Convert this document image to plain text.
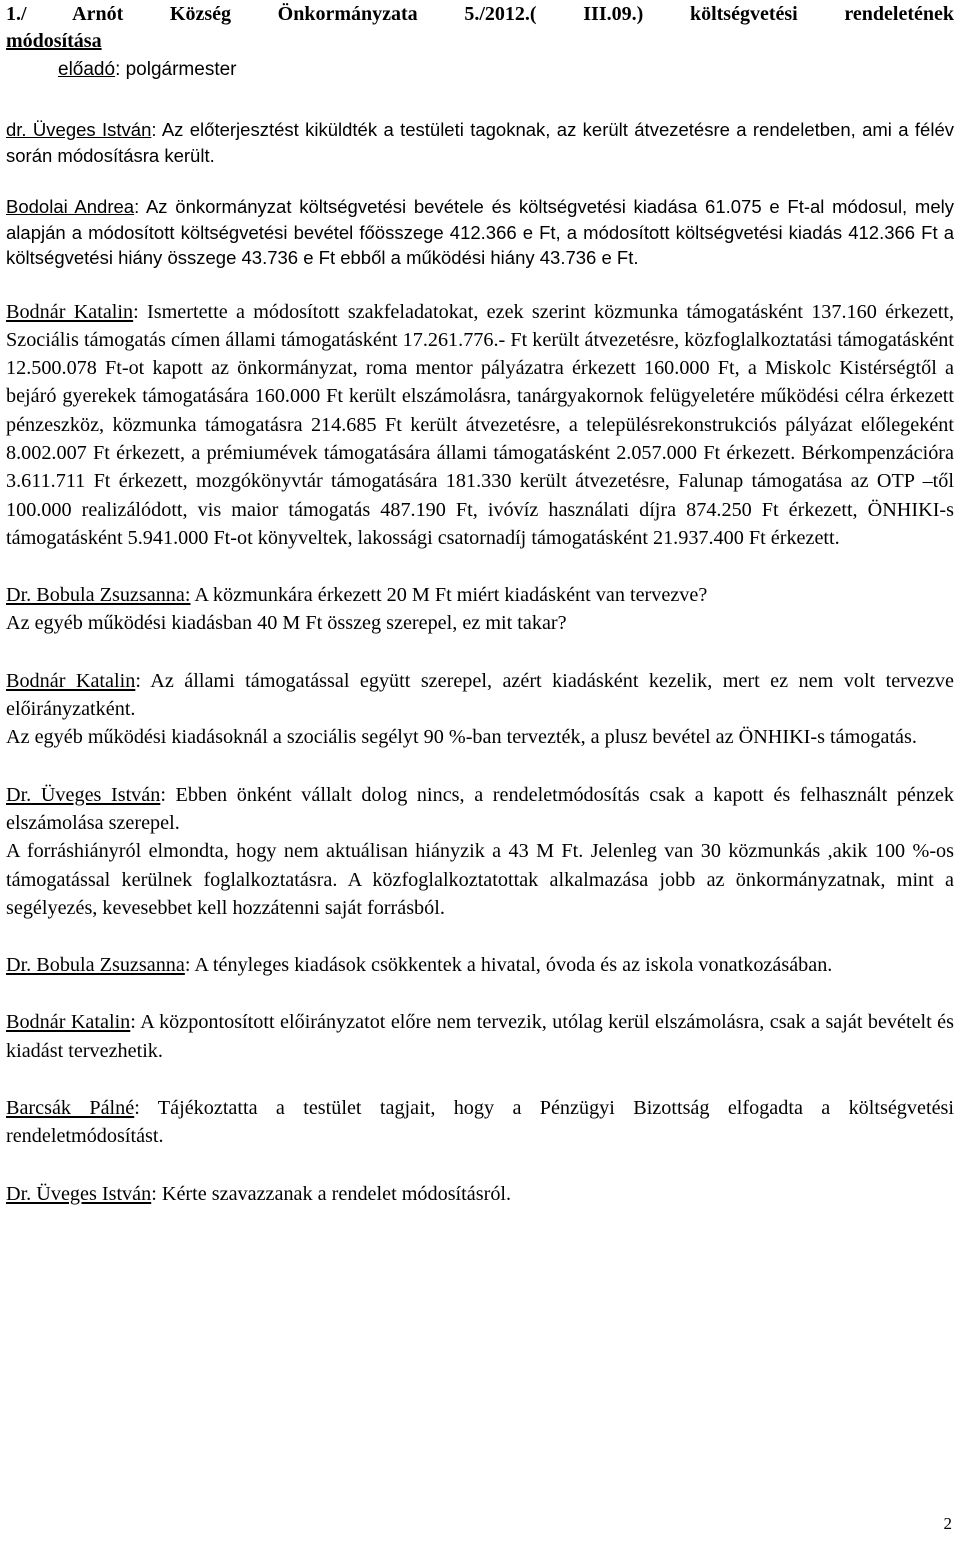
1./ Arnót Község Önkormányzata 5./2012.( III.09.) költségvetési rendeletének

módosítása

előadó: polgármester

dr. Üveges István: Az előterjesztést kiküldték a testületi tagoknak, az került átvezetésre a rendeletben, ami a félév során módosításra került.

Bodolai Andrea: Az önkormányzat költségvetési bevétele és költségvetési kiadása 61.075 e Ft-al módosul, mely alapján a módosított költségvetési bevétel főösszege 412.366 e Ft, a módosított költségvetési kiadás 412.366 Ft a költségvetési hiány összege 43.736 e Ft ebből a működési hiány 43.736 e Ft.

Bodnár Katalin: Ismertette a módosított szakfeladatokat, ezek szerint közmunka támogatásként 137.160 érkezett, Szociális támogatás címen állami támogatásként 17.261.776.- Ft került átvezetésre, közfoglalkoztatási támogatásként 12.500.078 Ft-ot kapott az önkormányzat, roma mentor pályázatra érkezett 160.000 Ft, a Miskolc Kistérségtől a bejáró gyerekek támogatására 160.000 Ft került elszámolásra, tanárgyakornok felügyeletére működési célra érkezett pénzeszköz, közmunka támogatásra 214.685 Ft került átvezetésre, a településrekonstrukciós pályázat előlegeként 8.002.007 Ft érkezett, a prémiumévek támogatására állami támogatásként 2.057.000 Ft érkezett. Bérkompenzációra 3.611.711 Ft érkezett, mozgókönyvtár támogatására 181.330 került átvezetésre, Falunap támogatása az OTP –től 100.000 realizálódott, vis maior támogatás 487.190 Ft, ivóvíz használati díjra 874.250 Ft érkezett, ÖNHIKI-s támogatásként 5.941.000 Ft-ot könyveltek, lakossági csatornadíj támogatásként 21.937.400 Ft érkezett.

Dr. Bobula Zsuzsanna: A közmunkára érkezett 20 M Ft miért kiadásként van tervezve?

Az egyéb működési kiadásban 40 M Ft összeg szerepel, ez mit takar?

Bodnár Katalin: Az állami támogatással együtt szerepel, azért kiadásként kezelik, mert ez nem volt tervezve előirányzatként.

Az egyéb működési kiadásoknál a szociális segélyt 90 %-ban tervezték, a plusz bevétel az ÖNHIKI-s támogatás.

Dr. Üveges István: Ebben önként vállalt dolog nincs, a rendeletmódosítás csak a kapott és felhasznált pénzek elszámolása szerepel.

A forráshiányról elmondta, hogy nem aktuálisan hiányzik a 43 M Ft. Jelenleg van 30 közmunkás ,akik 100 %-os támogatással kerülnek foglalkoztatásra. A közfoglalkoztatottak alkalmazása jobb az önkormányzatnak, mint a segélyezés, kevesebbet kell hozzátenni saját forrásból.

Dr. Bobula Zsuzsanna: A tényleges kiadások csökkentek a hivatal, óvoda és az iskola vonatkozásában.

Bodnár Katalin: A központosított előirányzatot előre nem tervezik, utólag kerül elszámolásra, csak a saját bevételt és kiadást tervezhetik.

Barcsák Pálné: Tájékoztatta a testület tagjait, hogy a Pénzügyi Bizottság elfogadta a költségvetési rendeletmódosítást.

Dr. Üveges István: Kérte szavazzanak a rendelet módosításról.

2
